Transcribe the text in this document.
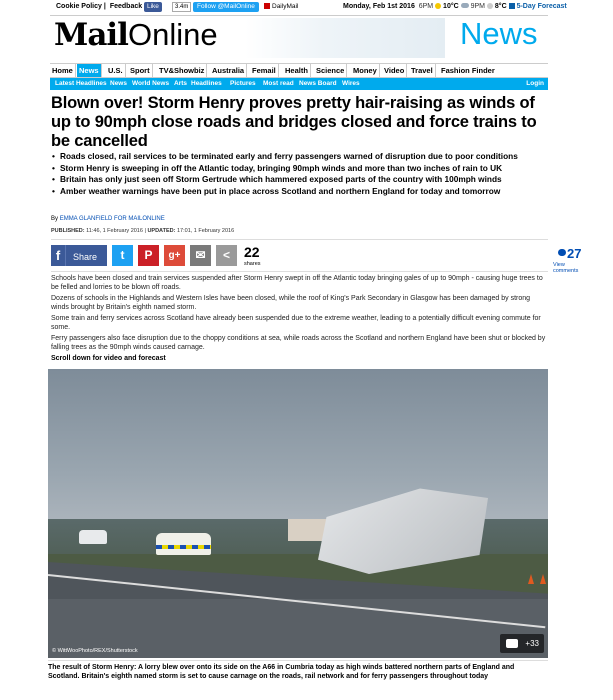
Cookie Policy | Feedback Like	3.4m	Follow @MailOnline	DailyMail	Monday, Feb 1st 2016 6PM 10°C 9PM 8°C 5-Day Forecast
MailOnline	News
Home News	U.S. Sport	TV&Showbiz	Australia	Femail	Health	Science	Money Video Travel	Fashion Finder
Latest Headlines News World News Arts Headlines Pictures Most read News Board Wires	Login
Blown over! Storm Henry proves pretty hair-raising as winds of up to 90mph close roads and bridges closed and force trains to be cancelled
• Roads closed, rail services to be terminated early and ferry passengers warned of disruption due to poor conditions
• Storm Henry is sweeping in off the Atlantic today, bringing 90mph winds and more than two inches of rain to UK
• Britain has only just seen off Storm Gertrude which hammered exposed parts of the country with 100mph winds
• Amber weather warnings have been put in place across Scotland and northern England for today and tomorrow
By EMMA GLANFIELD FOR MAILONLINE
PUBLISHED: 11:46, 1 February 2016 | UPDATED: 17:01, 1 February 2016
f Share	t	P	g+	✉	<	22
shares
27
View comments

Schools have been closed and train services suspended after Storm Henry swept in off the Atlantic today bringing gales of up to 90mph - causing huge trees to be felled and lorries to be blown off roads.

Dozens of schools in the Highlands and Western Isles have been closed, while the roof of King's Park Secondary in Glasgow has been damaged by strong winds brought by Britain's eighth named storm.

Some train and ferry services across Scotland have already been suspended due to the extreme weather, leading to a potentially difficult evening commute for some.

Ferry passengers also face disruption due to the choppy conditions at sea, while roads across the Scotland and northern England have been shut or blocked by falling trees as the 90mph winds caused carnage.

Scroll down for video and forecast

© WittWooPhoto/REX/Shutterstock
+33
The result of Storm Henry: A lorry blew over onto its side on the A66 in Cumbria today as high winds battered northern parts of England and Scotland. Britain's eighth named storm is set to cause carnage on the roads, rail network and for ferry passengers throughout today
